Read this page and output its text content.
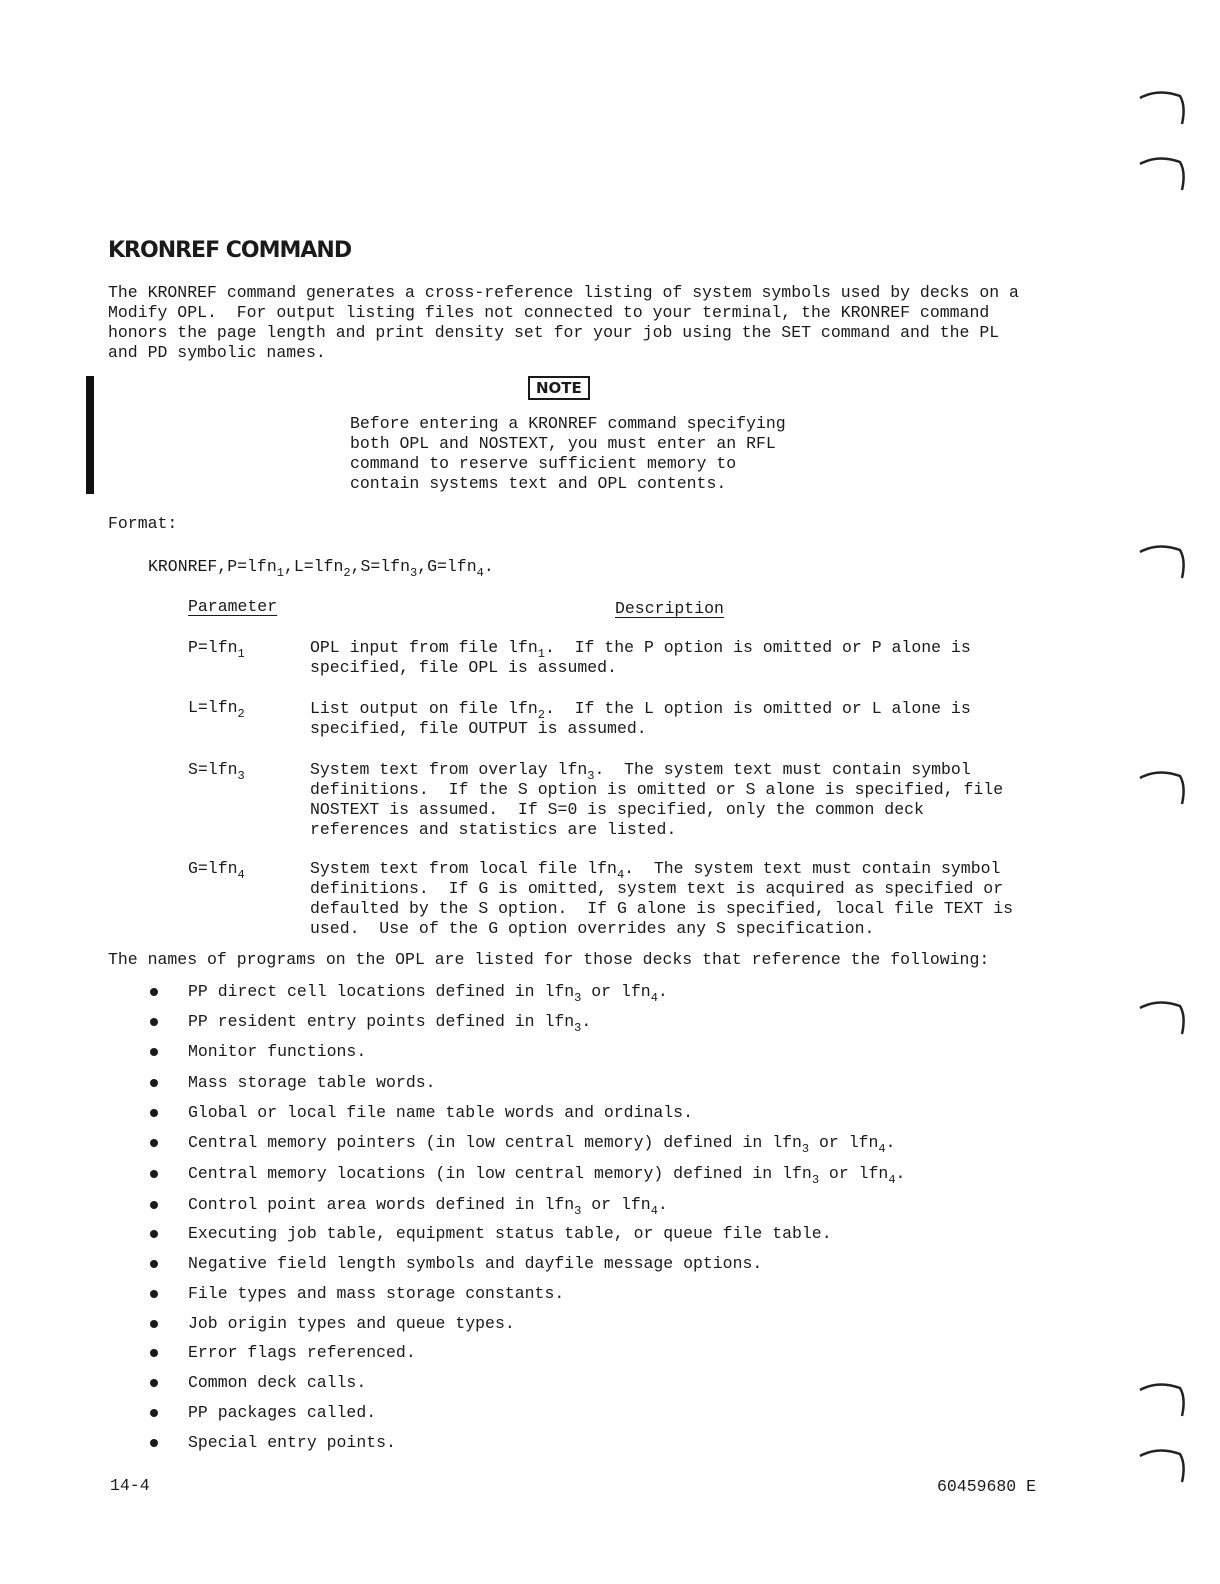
KRONREF COMMAND
The KRONREF command generates a cross-reference listing of system symbols used by decks on a
Modify OPL.  For output listing files not connected to your terminal, the KRONREF command
honors the page length and print density set for your job using the SET command and the PL
and PD symbolic names.
NOTE
Before entering a KRONREF command specifying
both OPL and NOSTEXT, you must enter an RFL
command to reserve sufficient memory to
contain systems text and OPL contents.
Format:
KRONREF,P=lfn$_1$,L=lfn$_2$,S=lfn$_3$,G=lfn$_4$.
Parameter	Description
P=lfn$_1$	OPL input from file lfn$_1$.  If the P option is omitted or P alone is
specified, file OPL is assumed.
L=lfn$_2$	List output on file lfn$_2$.  If the L option is omitted or L alone is
specified, file OUTPUT is assumed.
S=lfn$_3$	System text from overlay lfn$_3$.  The system text must contain symbol
definitions.  If the S option is omitted or S alone is specified, file
NOSTEXT is assumed.  If S=0 is specified, only the common deck
references and statistics are listed.
G=lfn$_4$	System text from local file lfn$_4$.  The system text must contain symbol
definitions.  If G is omitted, system text is acquired as specified or
defaulted by the S option.  If G alone is specified, local file TEXT is
used.  Use of the G option overrides any S specification.
The names of programs on the OPL are listed for those decks that reference the following:
PP direct cell locations defined in lfn$_3$ or lfn$_4$.
PP resident entry points defined in lfn$_3$.
Monitor functions.
Mass storage table words.
Global or local file name table words and ordinals.
Central memory pointers (in low central memory) defined in lfn$_3$ or lfn$_4$.
Central memory locations (in low central memory) defined in lfn$_3$ or lfn$_4$.
Control point area words defined in lfn$_3$ or lfn$_4$.
Executing job table, equipment status table, or queue file table.
Negative field length symbols and dayfile message options.
File types and mass storage constants.
Job origin types and queue types.
Error flags referenced.
Common deck calls.
PP packages called.
Special entry points.
14-4	60459680 E
